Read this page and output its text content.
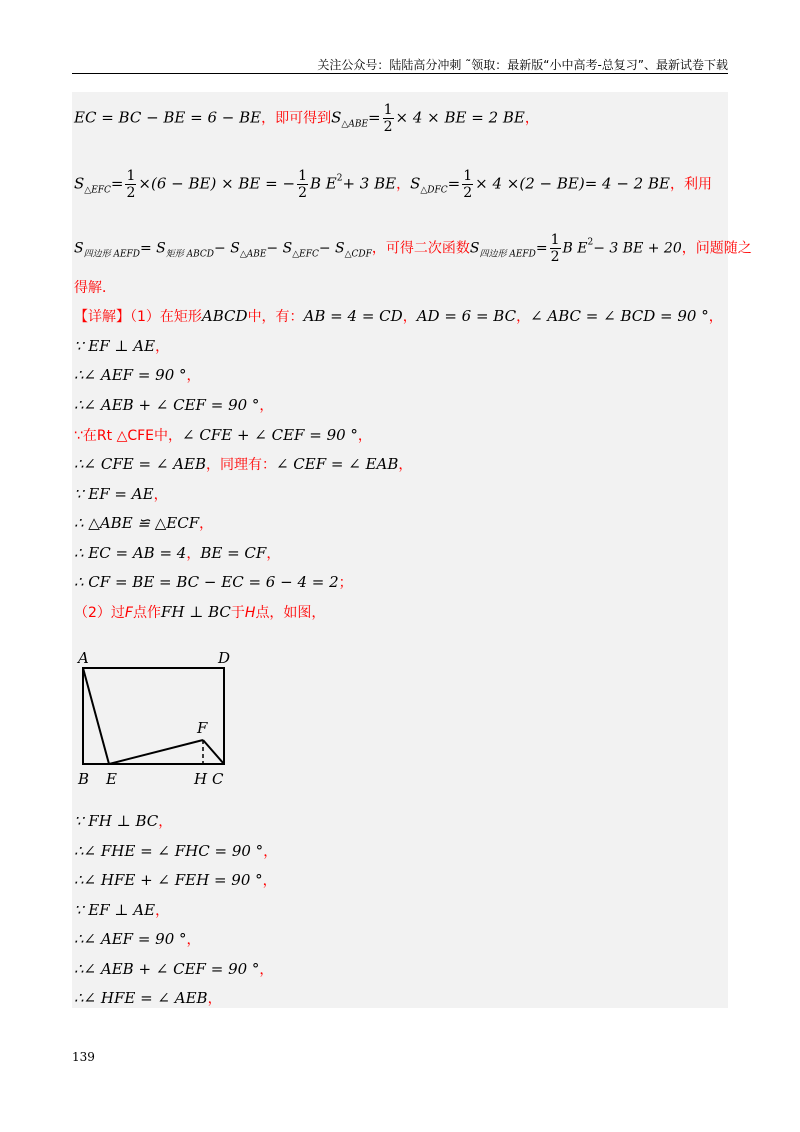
关注公众号：陆陆高分冲刺 ˜领取：最新版“小中高考-总复习”、最新试卷下载
EC = BC − BE = 6 − BE，即可得到$S_{\triangle ABE}= \frac{1}{2} \times 4$ × BE = 2 BE，
$S_{\triangle EFC}= \frac{1}{2} \times(6 - BE)$ × BE = − $\frac{1}{2}$ B $E^2+ 3$ BE，$S_{\triangle DFC}= \frac{1}{2} \times 4 \times(2 - BE)= 4 - 2$ BE，利用
$S_{四边形 AEFD}= S_{矩形 ABCD}- S_{\triangle ABE}- S_{\triangle EFC}- S_{\triangle CDF}$，可得二次函数$S_{四边形 AEFD}= \frac{1}{2}$ B $E^2- 3$ BE + 20，问题随之
得解．
【详解】（1）在矩形ABCD中，有：AB = 4 = CD，AD = 6 = BC，∠ ABC = ∠ BCD = 90 °，
∵ EF ⊥ AE，
∴∠ AEF = 90 °，
∴∠ AEB + ∠ CEF = 90 °，
∵在Rt △CFE中，∠ CFE + ∠ CEF = 90 °，
∴∠ CFE = ∠ AEB，同理有：∠ CEF = ∠ EAB，
∵ EF = AE，
∴ △ABE ≌ △ECF，
∴ EC = AB = 4，BE = CF，
∴ CF = BE = BC − EC = 6 − 4 = 2；
（2）过F点作FH ⊥ BC于H点，如图，
A	D
F
B E	H C
∵ FH ⊥ BC，
∴∠ FHE = ∠ FHC = 90 °，
∴∠ HFE + ∠ FEH = 90 °，
∵ EF ⊥ AE，
∴∠ AEF = 90 °，
∴∠ AEB + ∠ CEF = 90 °，
∴∠ HFE = ∠ AEB，
139
